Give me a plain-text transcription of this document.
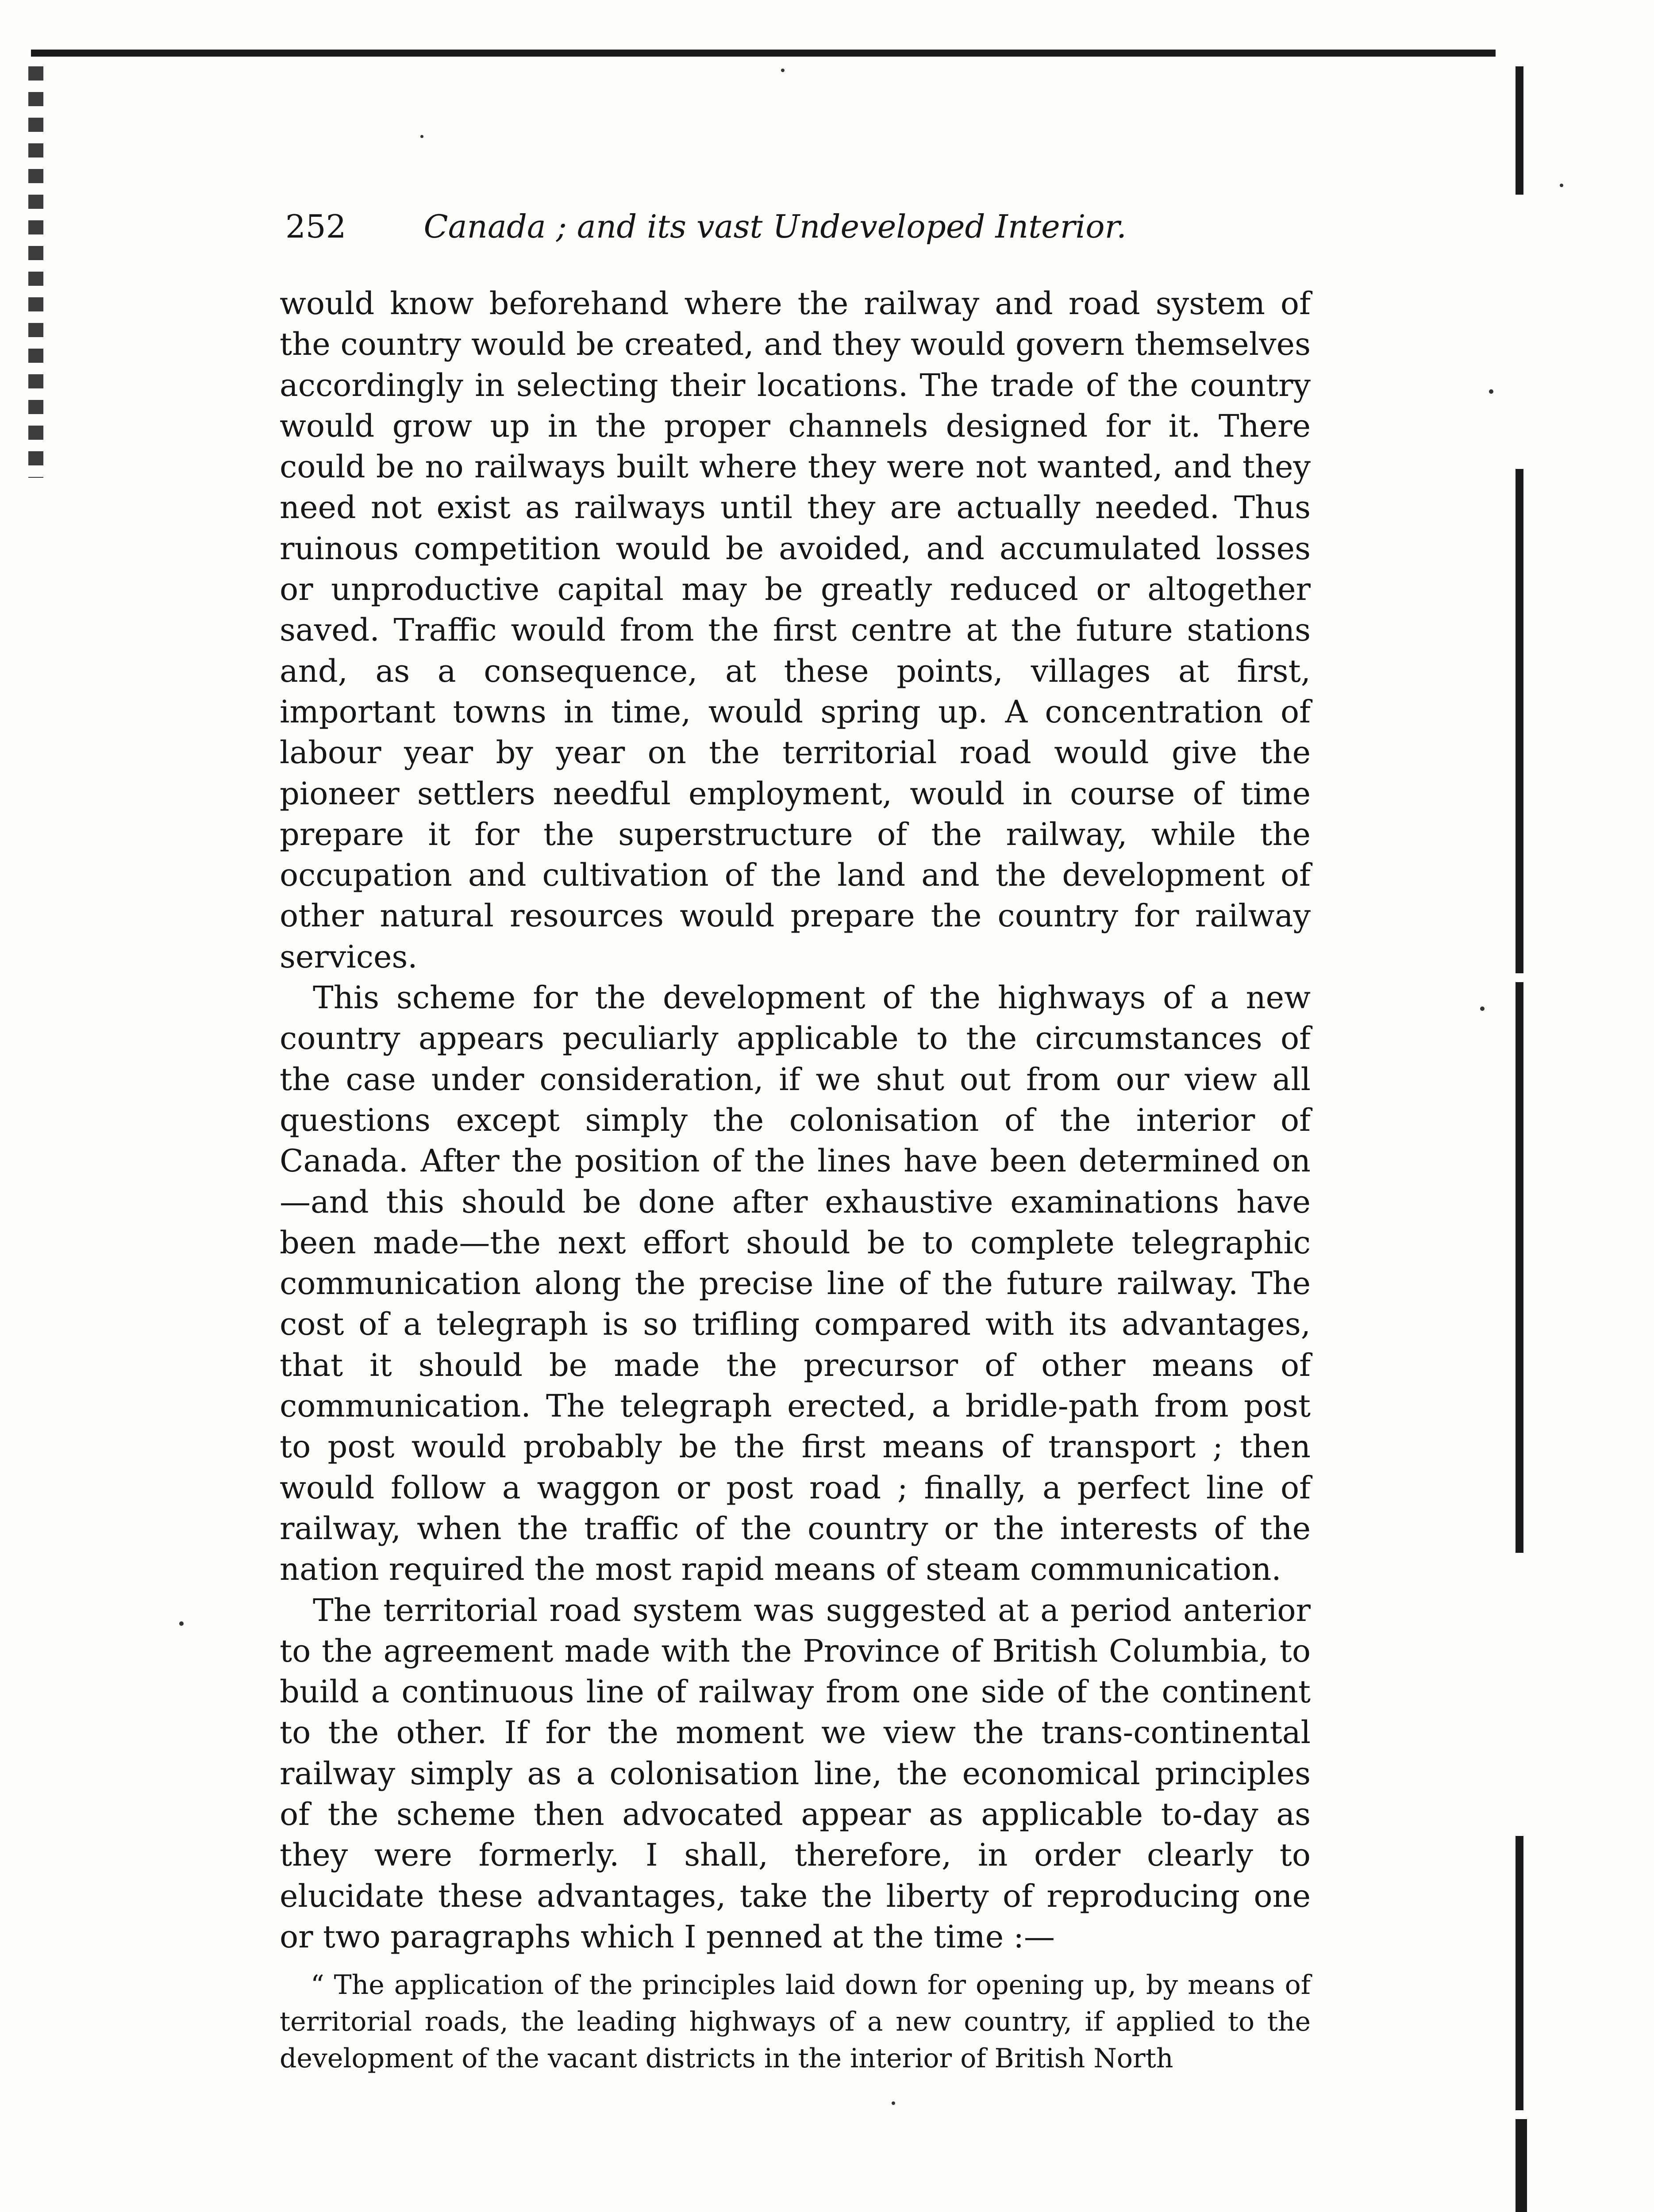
252 Canada ; and its vast Undeveloped Interior.

would know beforehand where the railway and road system of the country would be created, and they would govern themselves accordingly in selecting their locations. The trade of the country would grow up in the proper channels designed for it. There could be no railways built where they were not wanted, and they need not exist as railways until they are actually needed. Thus ruinous competition would be avoided, and accumulated losses or unproductive capital may be greatly reduced or altogether saved. Traffic would from the first centre at the future stations and, as a consequence, at these points, villages at first, important towns in time, would spring up. A concentration of labour year by year on the territorial road would give the pioneer settlers needful employment, would in course of time prepare it for the superstructure of the railway, while the occupation and cultivation of the land and the development of other natural resources would prepare the country for railway services.

This scheme for the development of the highways of a new country appears peculiarly applicable to the circumstances of the case under consideration, if we shut out from our view all questions except simply the colonisation of the interior of Canada. After the position of the lines have been determined on—and this should be done after exhaustive examinations have been made—the next effort should be to complete telegraphic communication along the precise line of the future railway. The cost of a telegraph is so trifling compared with its advantages, that it should be made the precursor of other means of communication. The telegraph erected, a bridle-path from post to post would probably be the first means of transport ; then would follow a waggon or post road ; finally, a perfect line of railway, when the traffic of the country or the interests of the nation required the most rapid means of steam communication.

The territorial road system was suggested at a period anterior to the agreement made with the Province of British Columbia, to build a continuous line of railway from one side of the continent to the other. If for the moment we view the trans-continental railway simply as a colonisation line, the economical principles of the scheme then advocated appear as applicable to-day as they were formerly. I shall, therefore, in order clearly to elucidate these advantages, take the liberty of reproducing one or two paragraphs which I penned at the time :—

“ The application of the principles laid down for opening up, by means of territorial roads, the leading highways of a new country, if applied to the development of the vacant districts in the interior of British North
